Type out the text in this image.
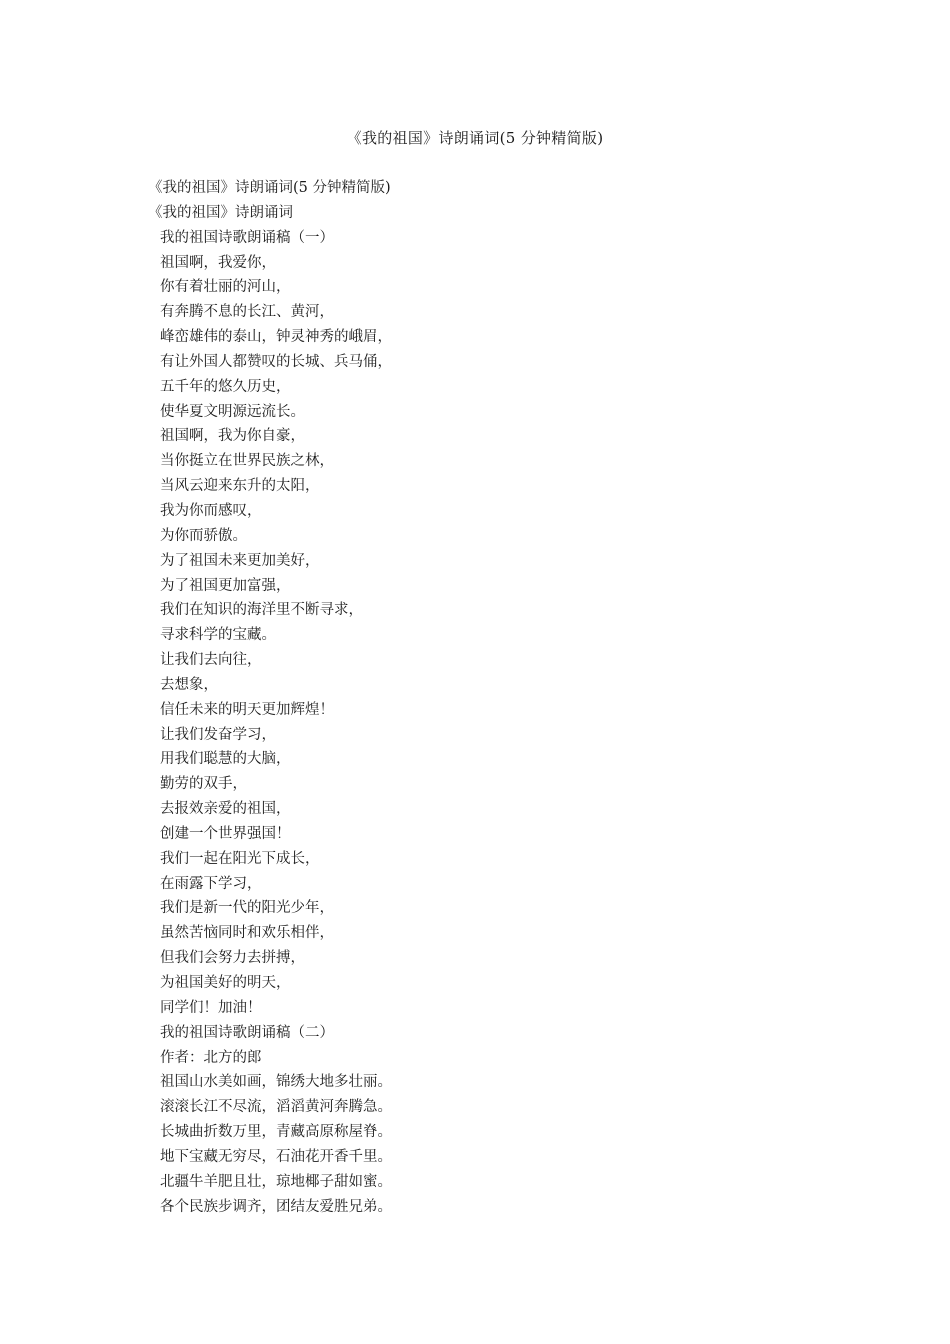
《我的祖国》诗朗诵词(5 分钟精简版)
《我的祖国》诗朗诵词(5 分钟精简版)
《我的祖国》诗朗诵词
我的祖国诗歌朗诵稿（一）
祖国啊，我爱你，
你有着壮丽的河山，
有奔腾不息的长江、黄河，
峰峦雄伟的泰山，钟灵神秀的峨眉，
有让外国人都赞叹的长城、兵马俑，
五千年的悠久历史，
使华夏文明源远流长。
祖国啊，我为你自豪，
当你挺立在世界民族之林，
当风云迎来东升的太阳，
我为你而感叹，
为你而骄傲。
为了祖国未来更加美好，
为了祖国更加富强，
我们在知识的海洋里不断寻求，
寻求科学的宝藏。
让我们去向往，
去想象，
信任未来的明天更加辉煌！
让我们发奋学习，
用我们聪慧的大脑，
勤劳的双手，
去报效亲爱的祖国，
创建一个世界强国！
我们一起在阳光下成长，
在雨露下学习，
我们是新一代的阳光少年，
虽然苦恼同时和欢乐相伴，
但我们会努力去拼搏，
为祖国美好的明天，
同学们！加油！
我的祖国诗歌朗诵稿（二）
作者：北方的郎
祖国山水美如画，锦绣大地多壮丽。
滚滚长江不尽流，滔滔黄河奔腾急。
长城曲折数万里，青藏高原称屋脊。
地下宝藏无穷尽，石油花开香千里。
北疆牛羊肥且壮，琼地椰子甜如蜜。
各个民族步调齐，团结友爱胜兄弟。
